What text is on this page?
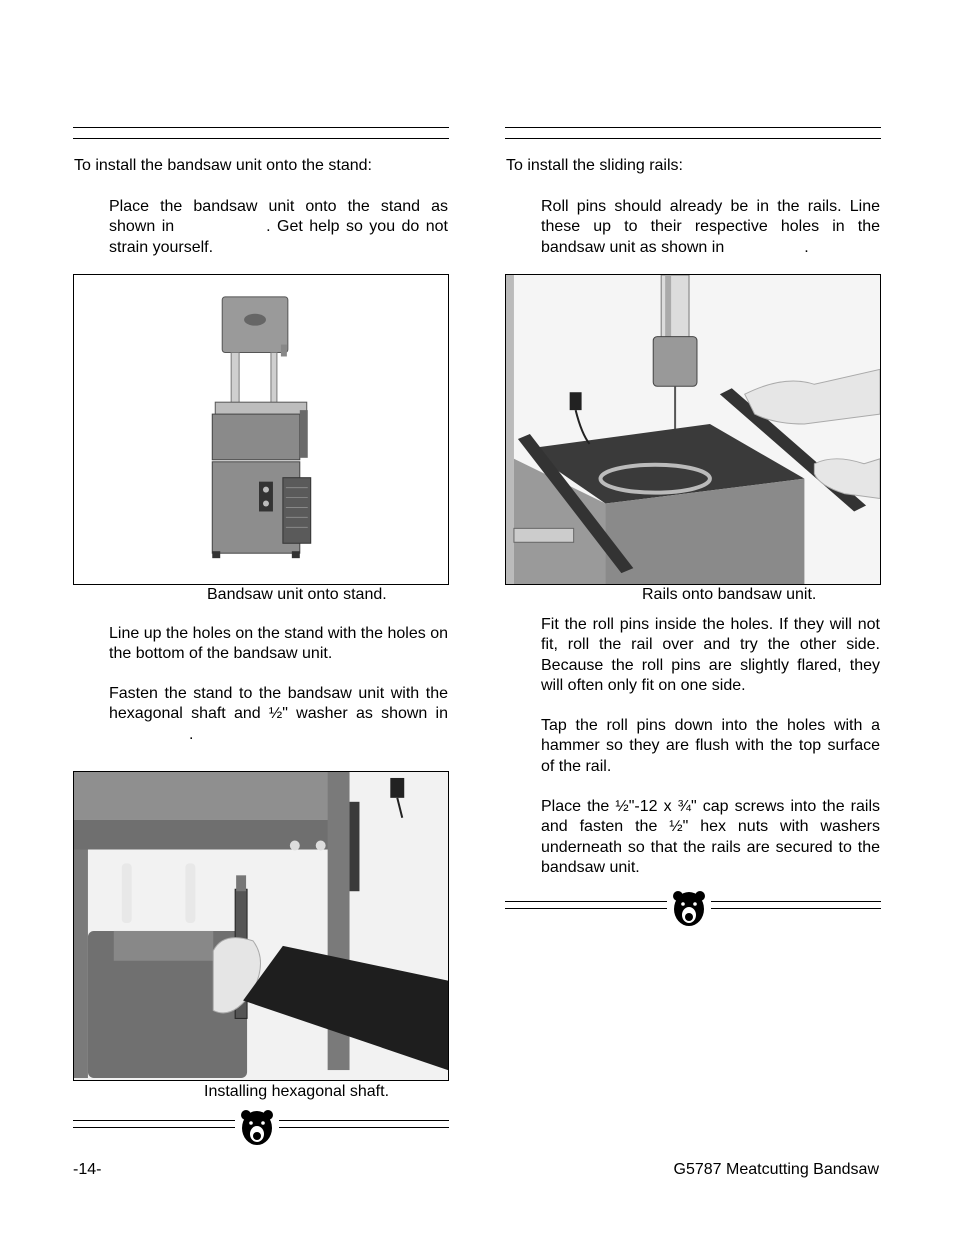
To install the bandsaw unit onto the stand:

Place the bandsaw unit onto the stand as shown in	. Get help so you do not strain yourself.

Bandsaw unit onto stand.

Line up the holes on the stand with the holes on the bottom of the bandsaw unit.

Fasten the stand to the bandsaw unit with the hexagonal shaft and ½" washer as shown in.

Installing hexagonal shaft.
To install the sliding rails:

Roll pins should already be in the rails. Line these up to their respective holes in the bandsaw unit as shown in	.

Rails onto bandsaw unit.

Fit the roll pins inside the holes. If they will not fit, roll the rail over and try the other side. Because the roll pins are slightly flared, they will often only fit on one side.

Tap the roll pins down into the holes with a hammer so they are flush with the top surface of the rail.

Place the ½"-12 x ¾" cap screws into the rails and fasten the ½" hex nuts with washers underneath so that the rails are secured to the bandsaw unit.

-14-	G5787 Meatcutting Bandsaw
